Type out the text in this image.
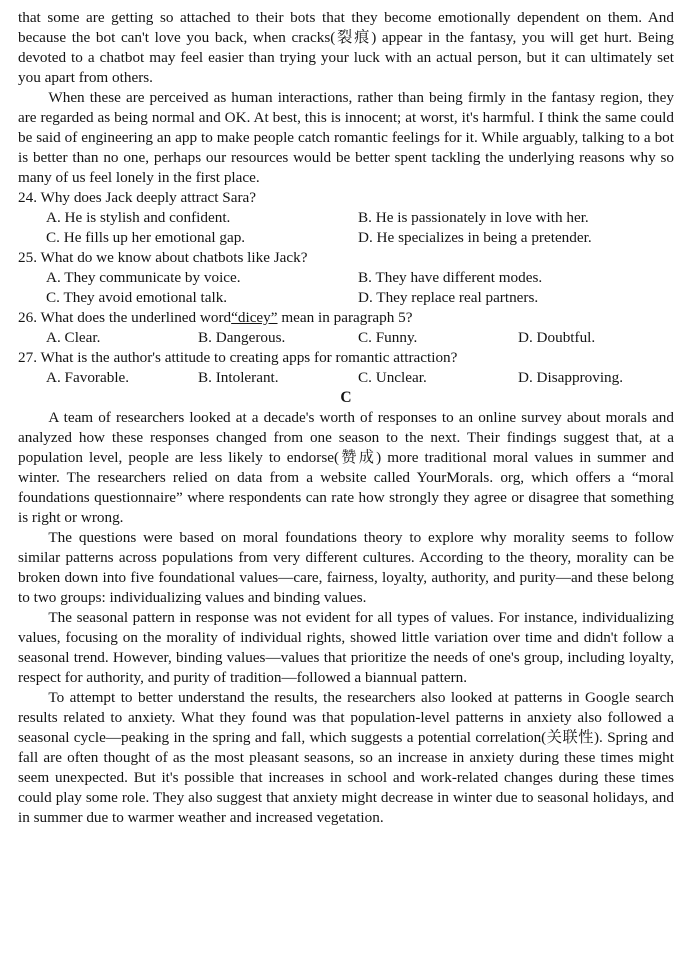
that some are getting so attached to their bots that they become emotionally dependent on them. And because the bot can't love you back, when cracks(裂痕) appear in the fantasy, you will get hurt. Being devoted to a chatbot may feel easier than trying your luck with an actual person, but it can ultimately set you apart from others.

When these are perceived as human interactions, rather than being firmly in the fantasy region, they are regarded as being normal and OK. At best, this is innocent; at worst, it's harmful. I think the same could be said of engineering an app to make people catch romantic feelings for it. While arguably, talking to a bot is better than no one, perhaps our resources would be better spent tackling the underlying reasons why so many of us feel lonely in the first place.

24. Why does Jack deeply attract Sara?

A. He is stylish and confident.	B. He is passionately in love with her.
C. He fills up her emotional gap.	D. He specializes in being a pretender.

25. What do we know about chatbots like Jack?

A. They communicate by voice.	B. They have different modes.
C. They avoid emotional talk.	D. They replace real partners.

26. What does the underlined word“dicey” mean in paragraph 5?

A. Clear.	B. Dangerous.	C. Funny.	D. Doubtful.

27. What is the author's attitude to creating apps for romantic attraction?

A. Favorable.	B. Intolerant.	C. Unclear.	D. Disapproving.

C

A team of researchers looked at a decade's worth of responses to an online survey about morals and analyzed how these responses changed from one season to the next. Their findings suggest that, at a population level, people are less likely to endorse(赞成) more traditional moral values in summer and winter. The researchers relied on data from a website called YourMorals. org, which offers a “moral foundations questionnaire” where respondents can rate how strongly they agree or disagree that something is right or wrong.

The questions were based on moral foundations theory to explore why morality seems to follow similar patterns across populations from very different cultures. According to the theory, morality can be broken down into five foundational values—care, fairness, loyalty, authority, and purity—and these belong to two groups: individualizing values and binding values.

The seasonal pattern in response was not evident for all types of values. For instance, individualizing values, focusing on the morality of individual rights, showed little variation over time and didn't follow a seasonal trend. However, binding values—values that prioritize the needs of one's group, including loyalty, respect for authority, and purity of tradition—followed a biannual pattern.

To attempt to better understand the results, the researchers also looked at patterns in Google search results related to anxiety. What they found was that population-level patterns in anxiety also followed a seasonal cycle—peaking in the spring and fall, which suggests a potential correlation(关联性). Spring and fall are often thought of as the most pleasant seasons, so an increase in anxiety during these times might seem unexpected. But it's possible that increases in school and work-related changes during these times could play some role. They also suggest that anxiety might decrease in winter due to seasonal holidays, and in summer due to warmer weather and increased vegetation.
